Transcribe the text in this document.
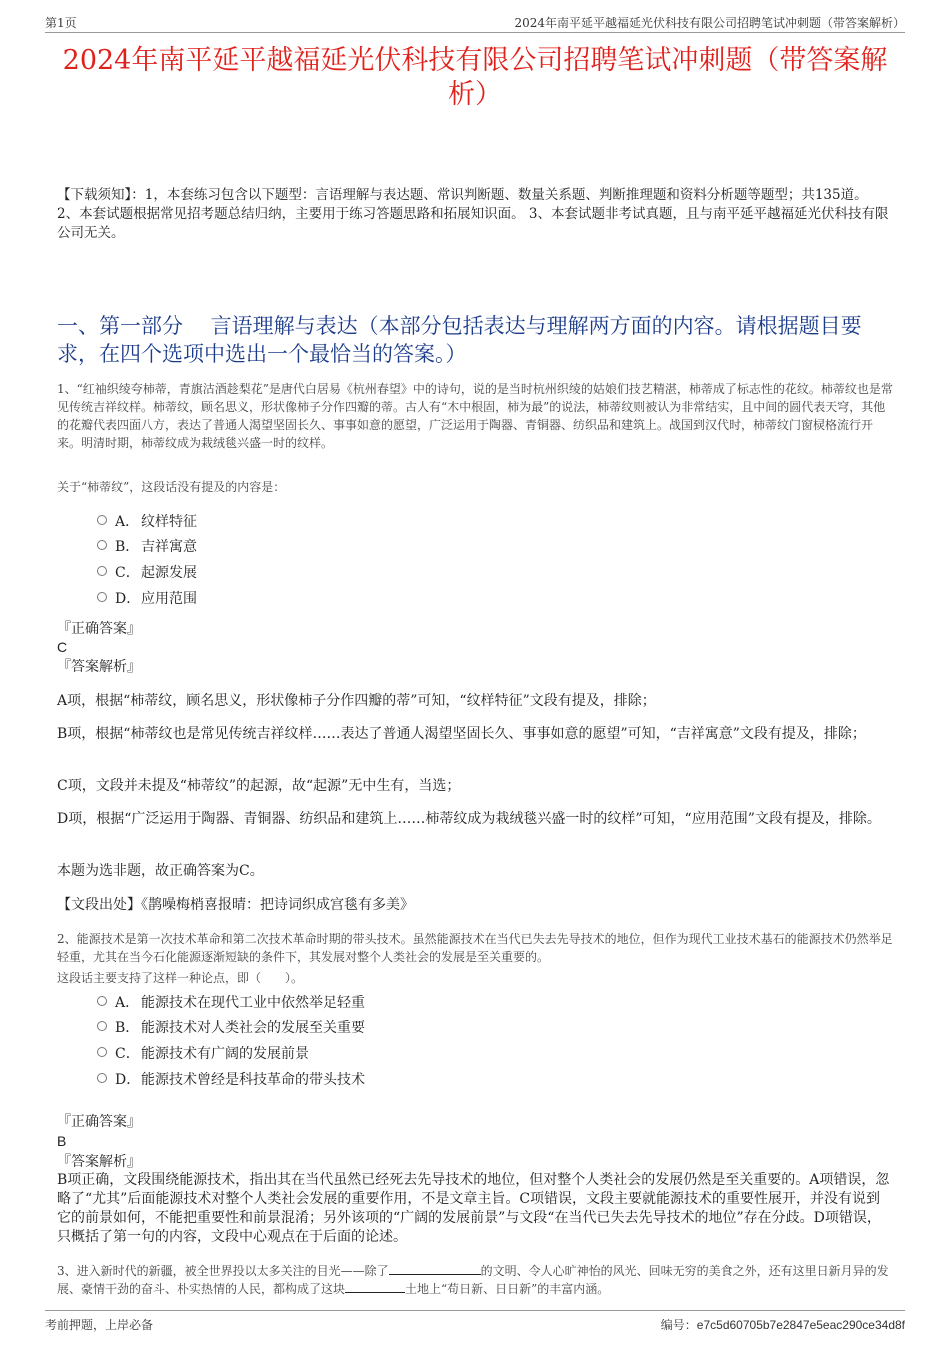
第1页	2024年南平延平越福延光伏科技有限公司招聘笔试冲刺题（带答案解析）
2024年南平延平越福延光伏科技有限公司招聘笔试冲刺题（带答案解析）
【下载须知】：1，本套练习包含以下题型：言语理解与表达题、常识判断题、数量关系题、判断推理题和资料分析题等题型；共135道。 2、本套试题根据常见招考题总结归纳，主要用于练习答题思路和拓展知识面。 3、本套试题非考试真题，且与南平延平越福延光伏科技有限公司无关。
一、第一部分　 言语理解与表达（本部分包括表达与理解两方面的内容。请根据题目要求，在四个选项中选出一个最恰当的答案。）
1、“红袖织绫夸柿蒂，青旗沽酒趁梨花”是唐代白居易《杭州春望》中的诗句，说的是当时杭州织绫的姑娘们技艺精湛，柿蒂成了标志性的花纹。柿蒂纹也是常见传统吉祥纹样。柿蒂纹，顾名思义，形状像柿子分作四瓣的蒂。古人有“木中根固，柿为最”的说法，柿蒂纹则被认为非常结实，且中间的圆代表天穹，其他的花瓣代表四面八方，表达了普通人渴望坚固长久、事事如意的愿望，广泛运用于陶器、青铜器、纺织品和建筑上。战国到汉代时，柿蒂纹门窗棂格流行开来。明清时期，柿蒂纹成为栽绒毯兴盛一时的纹样。
关于“柿蒂纹”，这段话没有提及的内容是：
A． 纹样特征
B． 吉祥寓意
C．起源发展
D．应用范围
『正确答案』
C
『答案解析』
A项，根据“柿蒂纹，顾名思义，形状像柿子分作四瓣的蒂”可知，“纹样特征”文段有提及，排除；
B项，根据“柿蒂纹也是常见传统吉祥纹样……表达了普通人渴望坚固长久、事事如意的愿望”可知，“吉祥寓意”文段有提及，排除；
C项，文段并未提及“柿蒂纹”的起源，故“起源”无中生有，当选；
D项，根据“广泛运用于陶器、青铜器、纺织品和建筑上……柿蒂纹成为栽绒毯兴盛一时的纹样”可知，“应用范围”文段有提及，排除。
本题为选非题，故正确答案为C。
【文段出处】《鹊噪梅梢喜报晴：把诗词织成宫毯有多美》
2、能源技术是第一次技术革命和第二次技术革命时期的带头技术。虽然能源技术在当代已失去先导技术的地位，但作为现代工业技术基石的能源技术仍然举足轻重，尤其在当今石化能源逐渐短缺的条件下，其发展对整个人类社会的发展是至关重要的。
这段话主要支持了这样一种论点，即（　　）。
A． 能源技术在现代工业中依然举足轻重
B． 能源技术对人类社会的发展至关重要
C．能源技术有广阔的发展前景
D．能源技术曾经是科技革命的带头技术
『正确答案』
B
『答案解析』
B项正确，文段围绕能源技术，指出其在当代虽然已经死去先导技术的地位，但对整个人类社会的发展仍然是至关重要的。A项错误，忽略了“尤其”后面能源技术对整个人类社会发展的重要作用，不是文章主旨。C项错误，文段主要就能源技术的重要性展开，并没有说到它的前景如何，不能把重要性和前景混淆；另外该项的“广阔的发展前景”与文段“在当代已失去先导技术的地位”存在分歧。D项错误，只概括了第一句的内容，文段中心观点在于后面的论述。
3、进入新时代的新疆，被全世界投以太多关注的目光——除了	的文明、令人心旷神怡的风光、回味无穷的美食之外，还有这里日新月异的发展、豪情干劲的奋斗、朴实热情的人民，都构成了这块	土地上“苟日新、日日新”的丰富内涵。
考前押题，上岸必备	编号：e7c5d60705b7e2847e5eac290ce34d8f
